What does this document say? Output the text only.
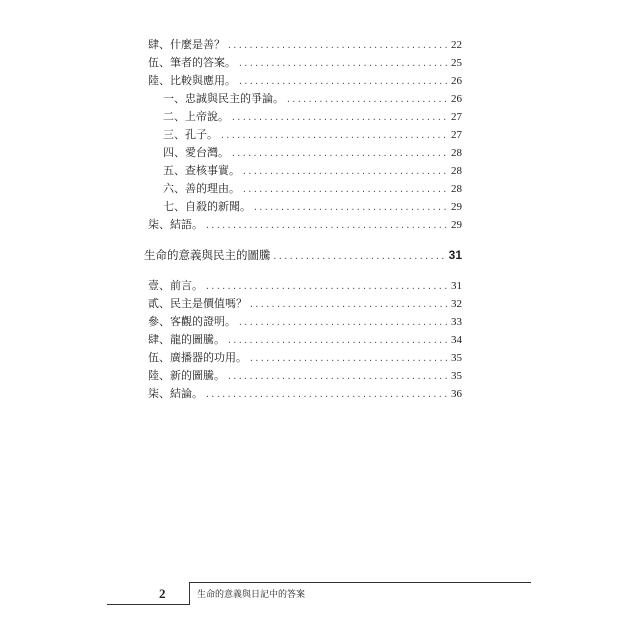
肆、什麼是善？ .....	22
伍、筆者的答案。 .....	25
陸、比較與應用。 .....	26
一、忠誠與民主的爭論。 .....	26
二、上帝說。 .....	27
三、孔子。 .....	27
四、愛台灣。 .....	28
五、查核事實。 .....	28
六、善的理由。 .....	28
七、自殺的新聞。 .....	29
柒、結語。 .....	29
生命的意義與民主的圖騰 .....	31
壹、前言。 .....	31
貳、民主是價值嗎？ .....	32
參、客觀的證明。 .....	33
肆、龍的圖騰。 .....	34
伍、廣播器的功用。 .....	35
陸、新的圖騰。 .....	35
柒、結論。 .....	36
2	生命的意義與日記中的答案
